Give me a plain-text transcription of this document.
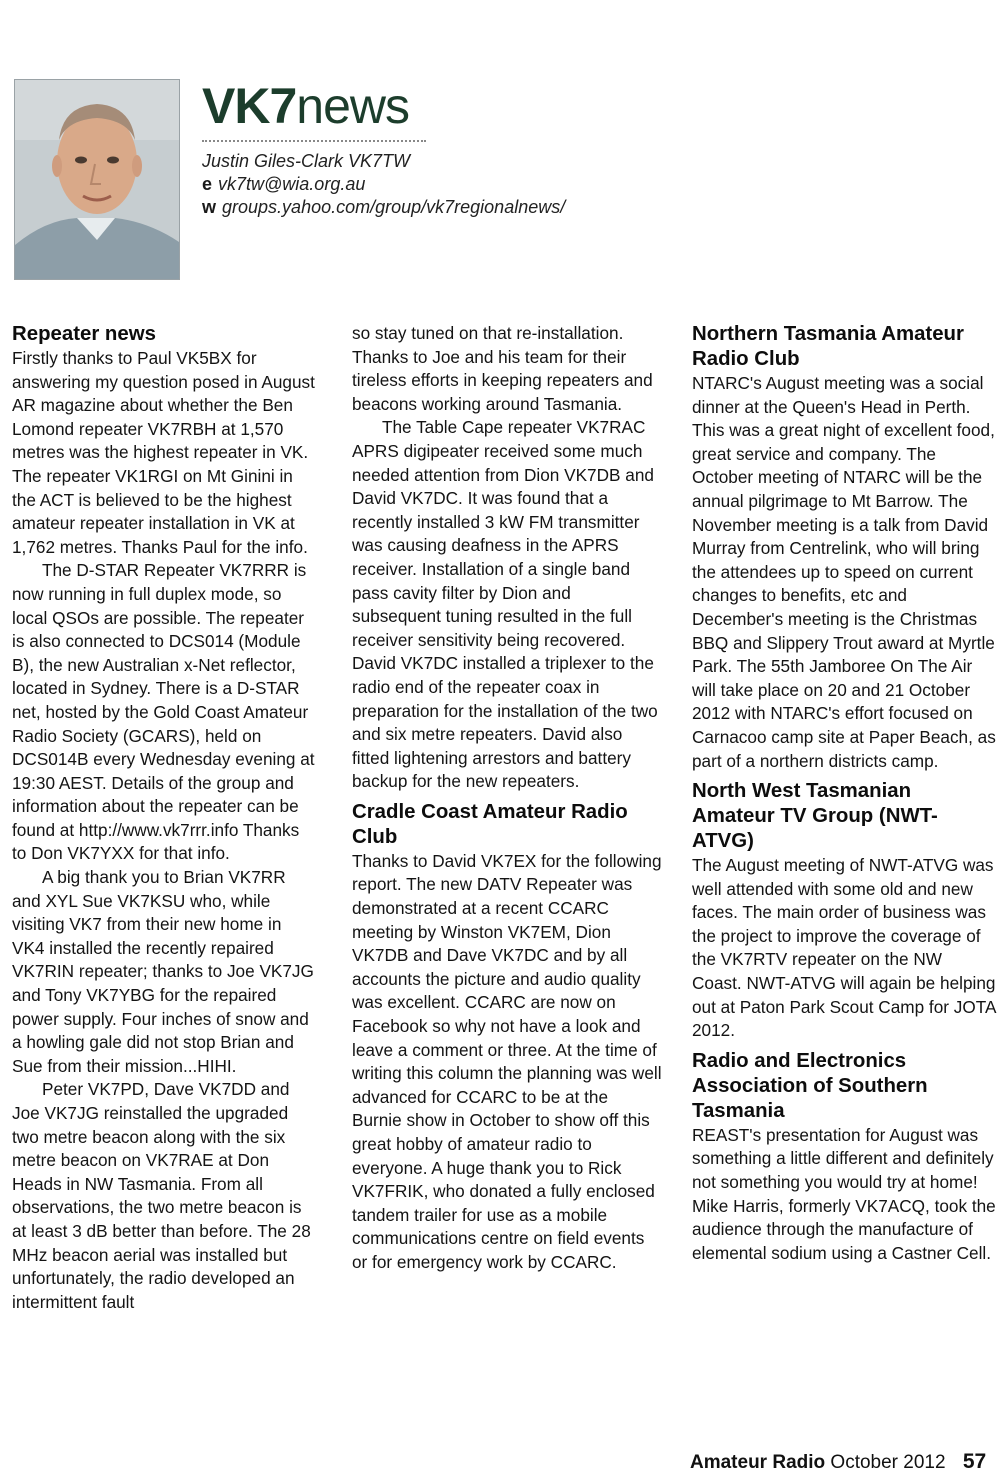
VK7news
Justin Giles-Clark VK7TW
e vk7tw@wia.org.au
w groups.yahoo.com/group/vk7regionalnews/
Repeater news

Firstly thanks to Paul VK5BX for answering my question posed in August AR magazine about whether the Ben Lomond repeater VK7RBH at 1,570 metres was the highest repeater in VK. The repeater VK1RGI on Mt Ginini in the ACT is believed to be the highest amateur repeater installation in VK at 1,762 metres. Thanks Paul for the info.

The D-STAR Repeater VK7RRR is now running in full duplex mode, so local QSOs are possible. The repeater is also connected to DCS014 (Module B), the new Australian x-Net reflector, located in Sydney. There is a D-STAR net, hosted by the Gold Coast Amateur Radio Society (GCARS), held on DCS014B every Wednesday evening at 19:30 AEST. Details of the group and information about the repeater can be found at http://www.vk7rrr.info Thanks to Don VK7YXX for that info.

A big thank you to Brian VK7RR and XYL Sue VK7KSU who, while visiting VK7 from their new home in VK4 installed the recently repaired VK7RIN repeater; thanks to Joe VK7JG and Tony VK7YBG for the repaired power supply. Four inches of snow and a howling gale did not stop Brian and Sue from their mission...HIHI.

Peter VK7PD, Dave VK7DD and Joe VK7JG reinstalled the upgraded two metre beacon along with the six metre beacon on VK7RAE at Don Heads in NW Tasmania. From all observations, the two metre beacon is at least 3 dB better than before. The 28 MHz beacon aerial was installed but unfortunately, the radio developed an intermittent fault

so stay tuned on that re-installation. Thanks to Joe and his team for their tireless efforts in keeping repeaters and beacons working around Tasmania.

The Table Cape repeater VK7RAC APRS digipeater received some much needed attention from Dion VK7DB and David VK7DC. It was found that a recently installed 3 kW FM transmitter was causing deafness in the APRS receiver. Installation of a single band pass cavity filter by Dion and subsequent tuning resulted in the full receiver sensitivity being recovered. David VK7DC installed a triplexer to the radio end of the repeater coax in preparation for the installation of the two and six metre repeaters. David also fitted lightening arrestors and battery backup for the new repeaters.

Cradle Coast Amateur Radio Club

Thanks to David VK7EX for the following report. The new DATV Repeater was demonstrated at a recent CCARC meeting by Winston VK7EM, Dion VK7DB and Dave VK7DC and by all accounts the picture and audio quality was excellent. CCARC are now on Facebook so why not have a look and leave a comment or three. At the time of writing this column the planning was well advanced for CCARC to be at the Burnie show in October to show off this great hobby of amateur radio to everyone. A huge thank you to Rick VK7FRIK, who donated a fully enclosed tandem trailer for use as a mobile communications centre on field events or for emergency work by CCARC.

Northern Tasmania Amateur Radio Club

NTARC's August meeting was a social dinner at the Queen's Head in Perth. This was a great night of excellent food, great service and company. The October meeting of NTARC will be the annual pilgrimage to Mt Barrow. The November meeting is a talk from David Murray from Centrelink, who will bring the attendees up to speed on current changes to benefits, etc and December's meeting is the Christmas BBQ and Slippery Trout award at Myrtle Park. The 55th Jamboree On The Air will take place on 20 and 21 October 2012 with NTARC's effort focused on Carnacoo camp site at Paper Beach, as part of a northern districts camp.

North West Tasmanian Amateur TV Group (NWT-ATVG)

The August meeting of NWT-ATVG was well attended with some old and new faces. The main order of business was the project to improve the coverage of the VK7RTV repeater on the NW Coast. NWT-ATVG will again be helping out at Paton Park Scout Camp for JOTA 2012.

Radio and Electronics Association of Southern Tasmania

REAST's presentation for August was something a little different and definitely not something you would try at home! Mike Harris, formerly VK7ACQ, took the audience through the manufacture of elemental sodium using a Castner Cell.

Amateur Radio October 2012 57
